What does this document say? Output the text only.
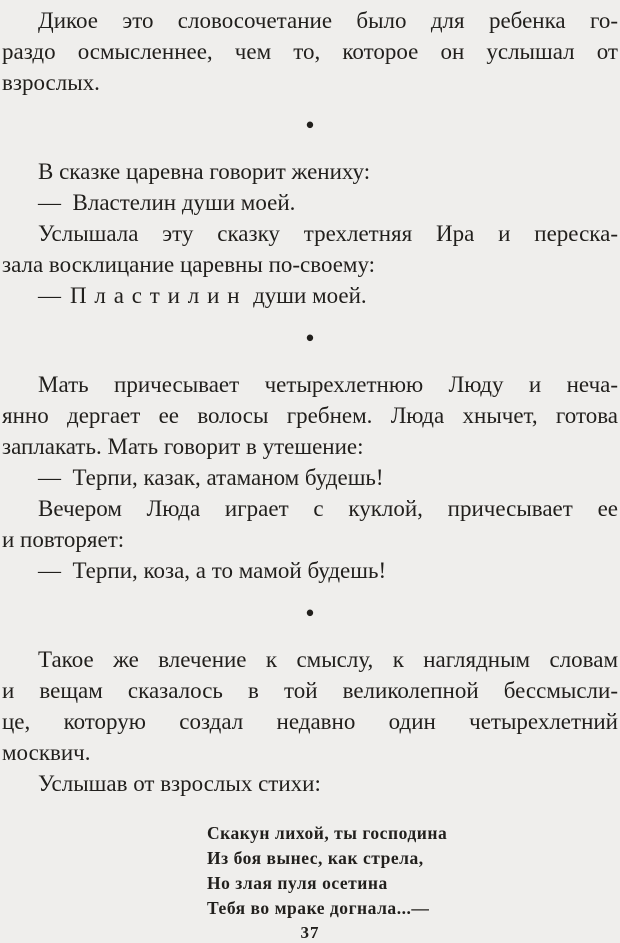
Дикое это словосочетание было для ребенка го-
раздо осмысленнее, чем то, которое он услышал от
взрослых.
•
В сказке царевна говорит жениху:
— Властелин души моей.
Услышала эту сказку трехлетняя Ира и переска-
зала восклицание царевны по-своему:
— Пластилин души моей.
•
Мать причесывает четырехлетнюю Люду и неча-
янно дергает ее волосы гребнем. Люда хнычет, готова
заплакать. Мать говорит в утешение:
— Терпи, казак, атаманом будешь!
Вечером Люда играет с куклой, причесывает ее
и повторяет:
— Терпи, коза, а то мамой будешь!
•
Такое же влечение к смыслу, к наглядным словам
и вещам сказалось в той великолепной бессмысли-
це, которую создал недавно один четырехлетний
москвич.
Услышав от взрослых стихи:
Скакун лихой, ты господина
Из боя вынес, как стрела,
Но злая пуля осетина
Тебя во мраке догнала...—
37
